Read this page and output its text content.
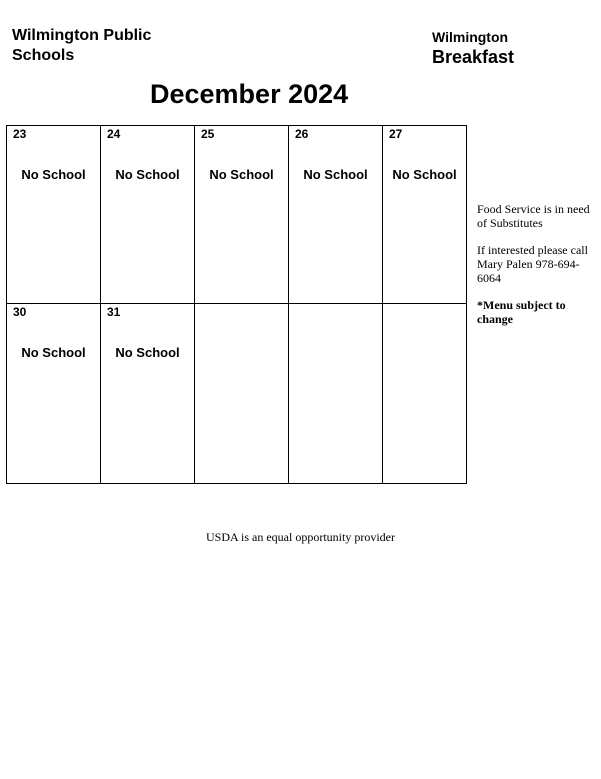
Wilmington Public
Schools
Wilmington
Breakfast
December 2024
23
No School
24
No School
25
No School
26
No School
27
No School
30
No School
31
No School

Food Service is in need of Substitutes

If interested please call Mary Palen 978-694-6064

*Menu subject to change

USDA is an equal opportunity provider
